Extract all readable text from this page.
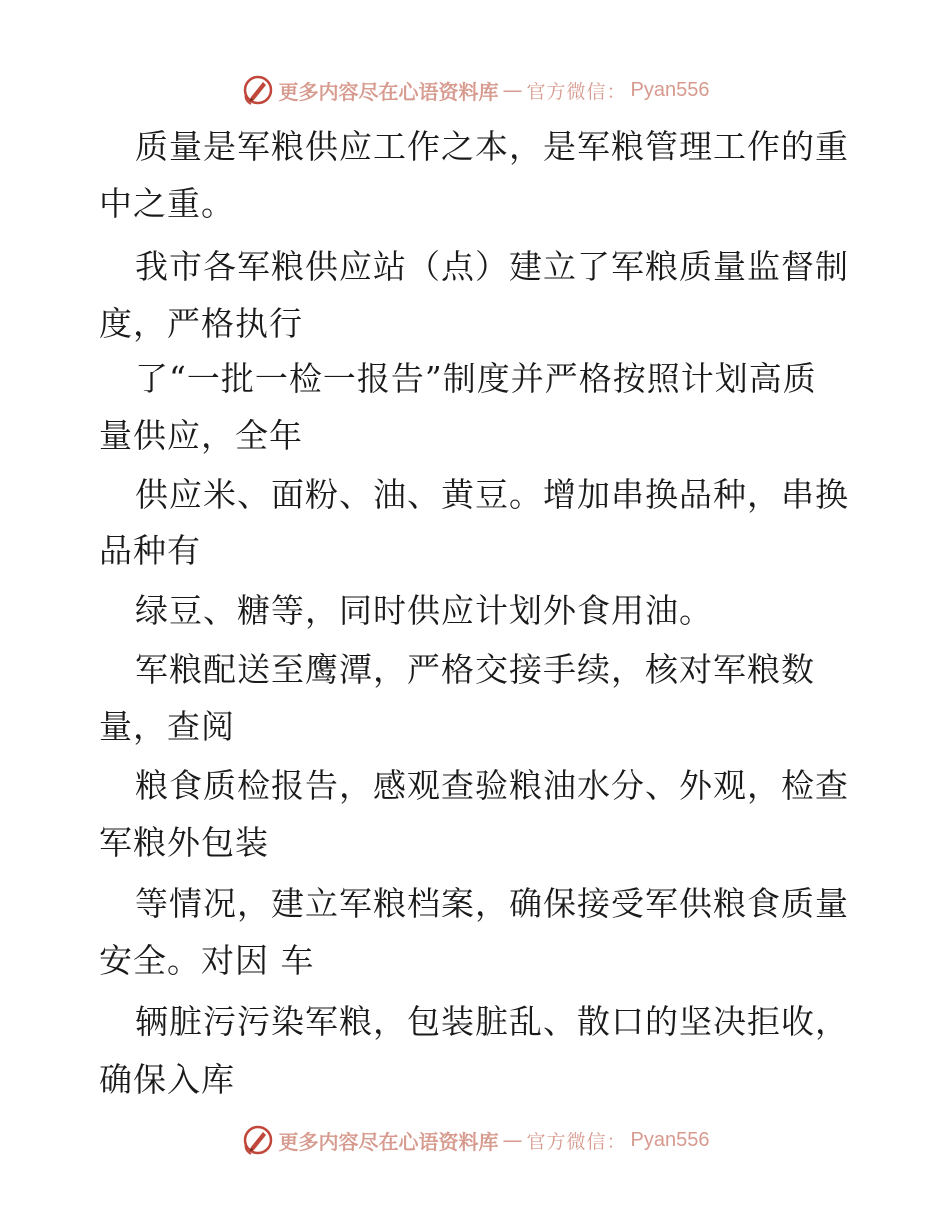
更多内容尽在心语资料库 — 官方微信： Pyan556
质量是军粮供应工作之本，是军粮管理工作的重
中之重。
我市各军粮供应站（点）建立了军粮质量监督制
度，严格执行
了“一批一检一报告”制度并严格按照计划高质
量供应，全年
供应米、面粉、油、黄豆。增加串换品种，串换
品种有
绿豆、糖等，同时供应计划外食用油。
军粮配送至鹰潭，严格交接手续，核对军粮数
量，查阅
粮食质检报告，感观查验粮油水分、外观，检查
军粮外包装
等情况，建立军粮档案，确保接受军供粮食质量
安全。对因 车
辆脏污污染军粮，包装脏乱、散口的坚决拒收，
确保入库
更多内容尽在心语资料库 — 官方微信： Pyan556
